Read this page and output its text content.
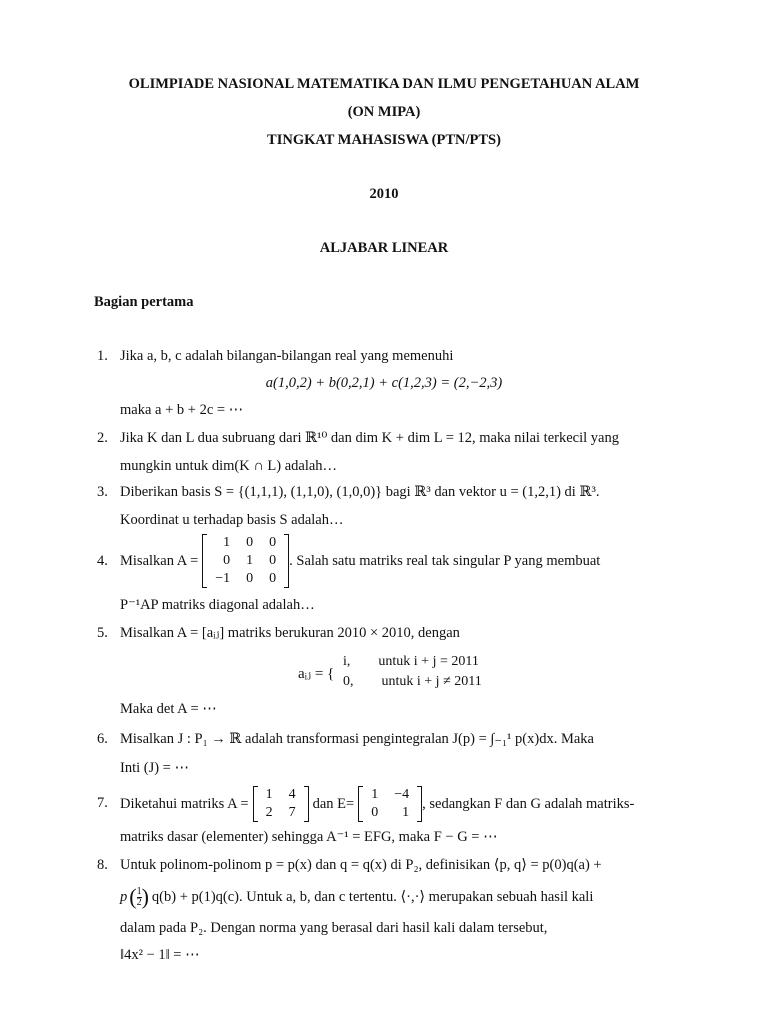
OLIMPIADE NASIONAL MATEMATIKA DAN ILMU PENGETAHUAN ALAM
(ON MIPA)
TINGKAT MAHASISWA (PTN/PTS)
2010
ALJABAR LINEAR
Bagian pertama
1. Jika a, b, c adalah bilangan-bilangan real yang memenuhi
a(1,0,2) + b(0,2,1) + c(1,2,3) = (2,−2,3)
maka a + b + 2c = ⋯
2. Jika K dan L dua subruang dari ℝ¹⁰ dan dim K + dim L = 12, maka nilai terkecil yang
mungkin untuk dim(K ∩ L) adalah…
3. Diberikan basis S = {(1,1,1), (1,1,0), (1,0,0)} bagi ℝ³ dan vektor u = (1,2,1) di ℝ³.
Koordinat u terhadap basis S adalah…
4. Misalkan A =
1	0	0
0	1	0
−1	0	0
. Salah satu matriks real tak singular P yang membuat
P⁻¹AP matriks diagonal adalah…
5. Misalkan A = [aᵢⱼ] matriks berukuran 2010 × 2010, dengan
aᵢⱼ = {
i,        untuk i + j = 2011
0,        untuk i + j ≠ 2011
Maka det A = ⋯
6. Misalkan J : P₁ → ℝ adalah transformasi pengintegralan J(p) = ∫₋₁¹ p(x)dx. Maka
Inti (J) = ⋯
7. Diketahui matriks A =
1	4
2	7
dan E=
1	−4
0	1
, sedangkan F dan G adalah matriks-
matriks dasar (elementer) sehingga A⁻¹ = EFG, maka F − G = ⋯
8. Untuk polinom-polinom p = p(x) dan q = q(x) di P₂, definisikan ⟨p, q⟩ = p(0)q(a) +
p ( $\frac{1}{2}$ ) q(b) + p(1)q(c). Untuk a, b, dan c tertentu. ⟨·,·⟩ merupakan sebuah hasil kali
dalam pada P₂. Dengan norma yang berasal dari hasil kali dalam tersebut,
‖4x² − 1‖ = ⋯
